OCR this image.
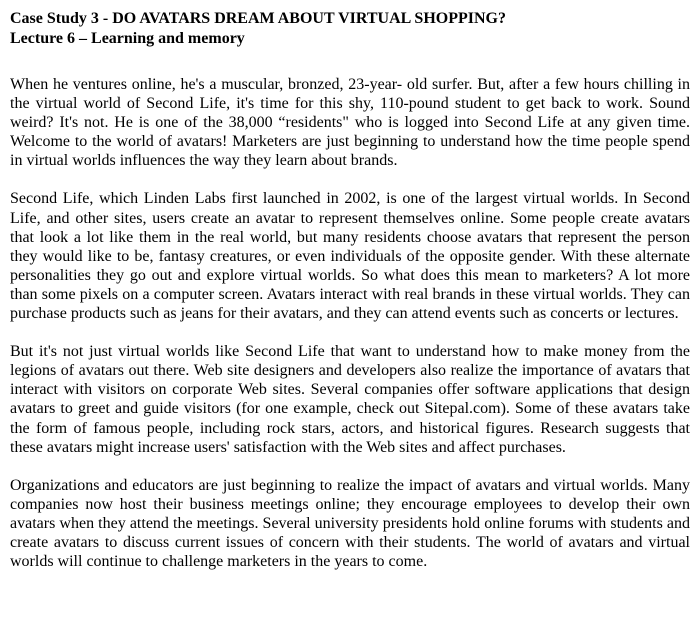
Case Study 3 - DO AVATARS DREAM ABOUT VIRTUAL SHOPPING?
Lecture 6 – Learning and memory

When he ventures online, he's a muscular, bronzed, 23-year- old surfer. But, after a few hours chilling in the virtual world of Second Life, it's time for this shy, 110-pound student to get back to work. Sound weird? It's not. He is one of the 38,000 “residents" who is logged into Second Life at any given time. Welcome to the world of avatars! Marketers are just beginning to understand how the time people spend in virtual worlds influences the way they learn about brands.

Second Life, which Linden Labs first launched in 2002, is one of the largest virtual worlds. In Second Life, and other sites, users create an avatar to represent themselves online. Some people create avatars that look a lot like them in the real world, but many residents choose avatars that represent the person they would like to be, fantasy creatures, or even individuals of the opposite gender. With these alternate personalities they go out and explore virtual worlds. So what does this mean to marketers? A lot more than some pixels on a computer screen. Avatars interact with real brands in these virtual worlds. They can purchase products such as jeans for their avatars, and they can attend events such as concerts or lectures.

But it's not just virtual worlds like Second Life that want to understand how to make money from the legions of avatars out there. Web site designers and developers also realize the importance of avatars that interact with visitors on corporate Web sites. Several companies offer software applications that design avatars to greet and guide visitors (for one example, check out Sitepal.com). Some of these avatars take the form of famous people, including rock stars, actors, and historical figures. Research suggests that these avatars might increase users' satisfaction with the Web sites and affect purchases.

Organizations and educators are just beginning to realize the impact of avatars and virtual worlds. Many companies now host their business meetings online; they encourage employees to develop their own avatars when they attend the meetings. Several university presidents hold online forums with students and create avatars to discuss current issues of concern with their students. The world of avatars and virtual worlds will continue to challenge marketers in the years to come.
